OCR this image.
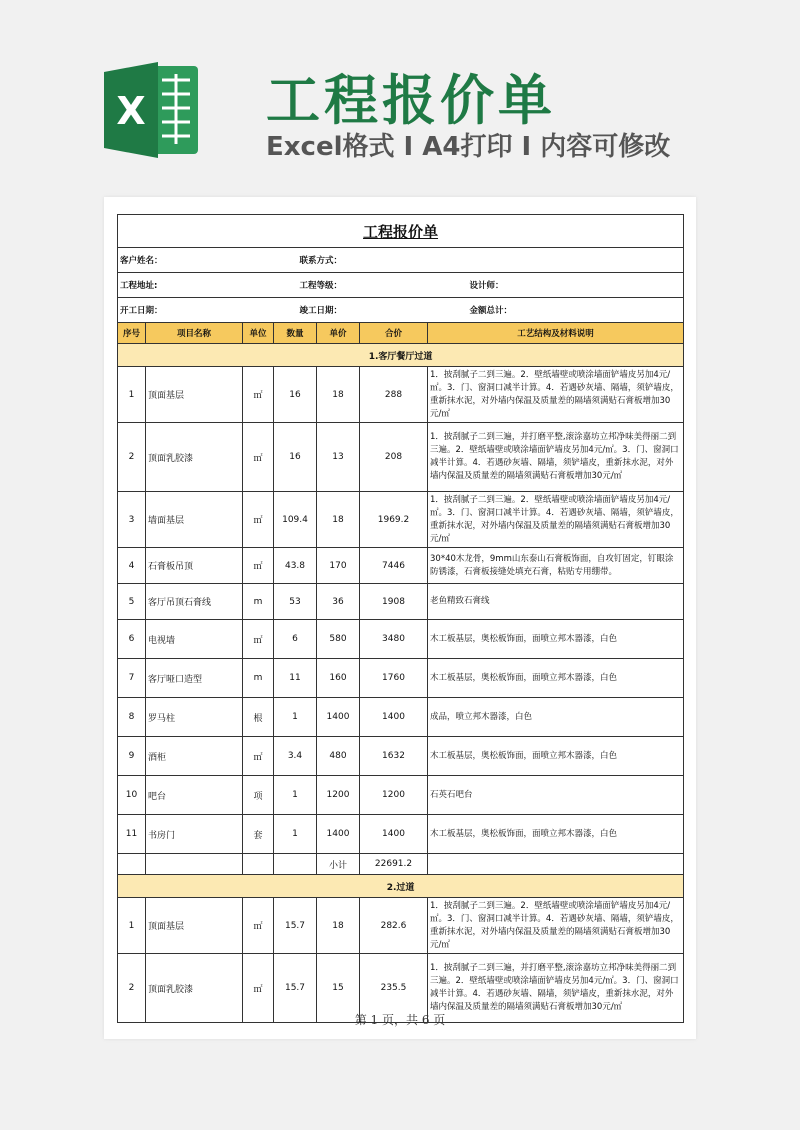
X 工程报价单
Excel格式 I A4打印 I 内容可修改
工程报价单						
客户姓名：			联系方式：			
工程地址:			工程等级：			设计师：
开工日期：			竣工日期：			金额总计：
序号	项目名称	单位	数量	单价	合价	工艺结构及材料说明
1.客厅餐厅过道						
1	顶面基层	㎡	16	18	288	1．披刮腻子二到三遍。2．壁纸墙壁或喷涂墙面铲墙皮另加4元/㎡。3．门、窗洞口减半计算。4．若遇砂灰墙、隔墙，须铲墙皮，重新抹水泥，对外墙内保温及质量差的隔墙须满贴石膏板增加30元/㎡
2	顶面乳胶漆	㎡	16	13	208	1．披刮腻子二到三遍，并打磨平整,滚涂嘉坊立邦净味美得丽二到三遍。2．壁纸墙壁或喷涂墙面铲墙皮另加4元/㎡。3．门、窗洞口减半计算。4．若遇砂灰墙、隔墙，须铲墙皮，重新抹水泥，对外墙内保温及质量差的隔墙须满贴石膏板增加30元/㎡
3	墙面基层	㎡	109.4	18	1969.2	1．披刮腻子二到三遍。2．壁纸墙壁或喷涂墙面铲墙皮另加4元/㎡。3．门、窗洞口减半计算。4．若遇砂灰墙、隔墙，须铲墙皮，重新抹水泥，对外墙内保温及质量差的隔墙须满贴石膏板增加30元/㎡
4	石膏板吊顶	㎡	43.8	170	7446	30*40木龙骨，9mm山东泰山石膏板饰面，自攻钉固定，钉眼涂防锈漆，石膏板接缝处填充石膏，粘贴专用绷带。
5	客厅吊顶石膏线	m	53	36	1908	老鱼精致石膏线
6	电视墙	㎡	6	580	3480	木工板基层，奥松板饰面，面喷立邦木器漆，白色
7	客厅哑口造型	m	11	160	1760	木工板基层，奥松板饰面，面喷立邦木器漆，白色
8	罗马柱	根	1	1400	1400	成品，喷立邦木器漆，白色
9	酒柜	㎡	3.4	480	1632	木工板基层，奥松板饰面，面喷立邦木器漆，白色
10	吧台	项	1	1200	1200	石英石吧台
11	书房门	套	1	1400	1400	木工板基层，奥松板饰面，面喷立邦木器漆，白色
				小计	22691.2	
2.过道						
1	顶面基层	㎡	15.7	18	282.6	1．披刮腻子二到三遍。2．壁纸墙壁或喷涂墙面铲墙皮另加4元/㎡。3．门、窗洞口减半计算。4．若遇砂灰墙、隔墙，须铲墙皮，重新抹水泥，对外墙内保温及质量差的隔墙须满贴石膏板增加30元/㎡
2	顶面乳胶漆	㎡	15.7	15	235.5	1．披刮腻子二到三遍，并打磨平整,滚涂嘉坊立邦净味美得丽二到三遍。2．壁纸墙壁或喷涂墙面铲墙皮另加4元/㎡。3．门、窗洞口减半计算。4．若遇砂灰墙、隔墙，须铲墙皮，重新抹水泥，对外墙内保温及质量差的隔墙须满贴石膏板增加30元/㎡
第 1 页，共 6 页
